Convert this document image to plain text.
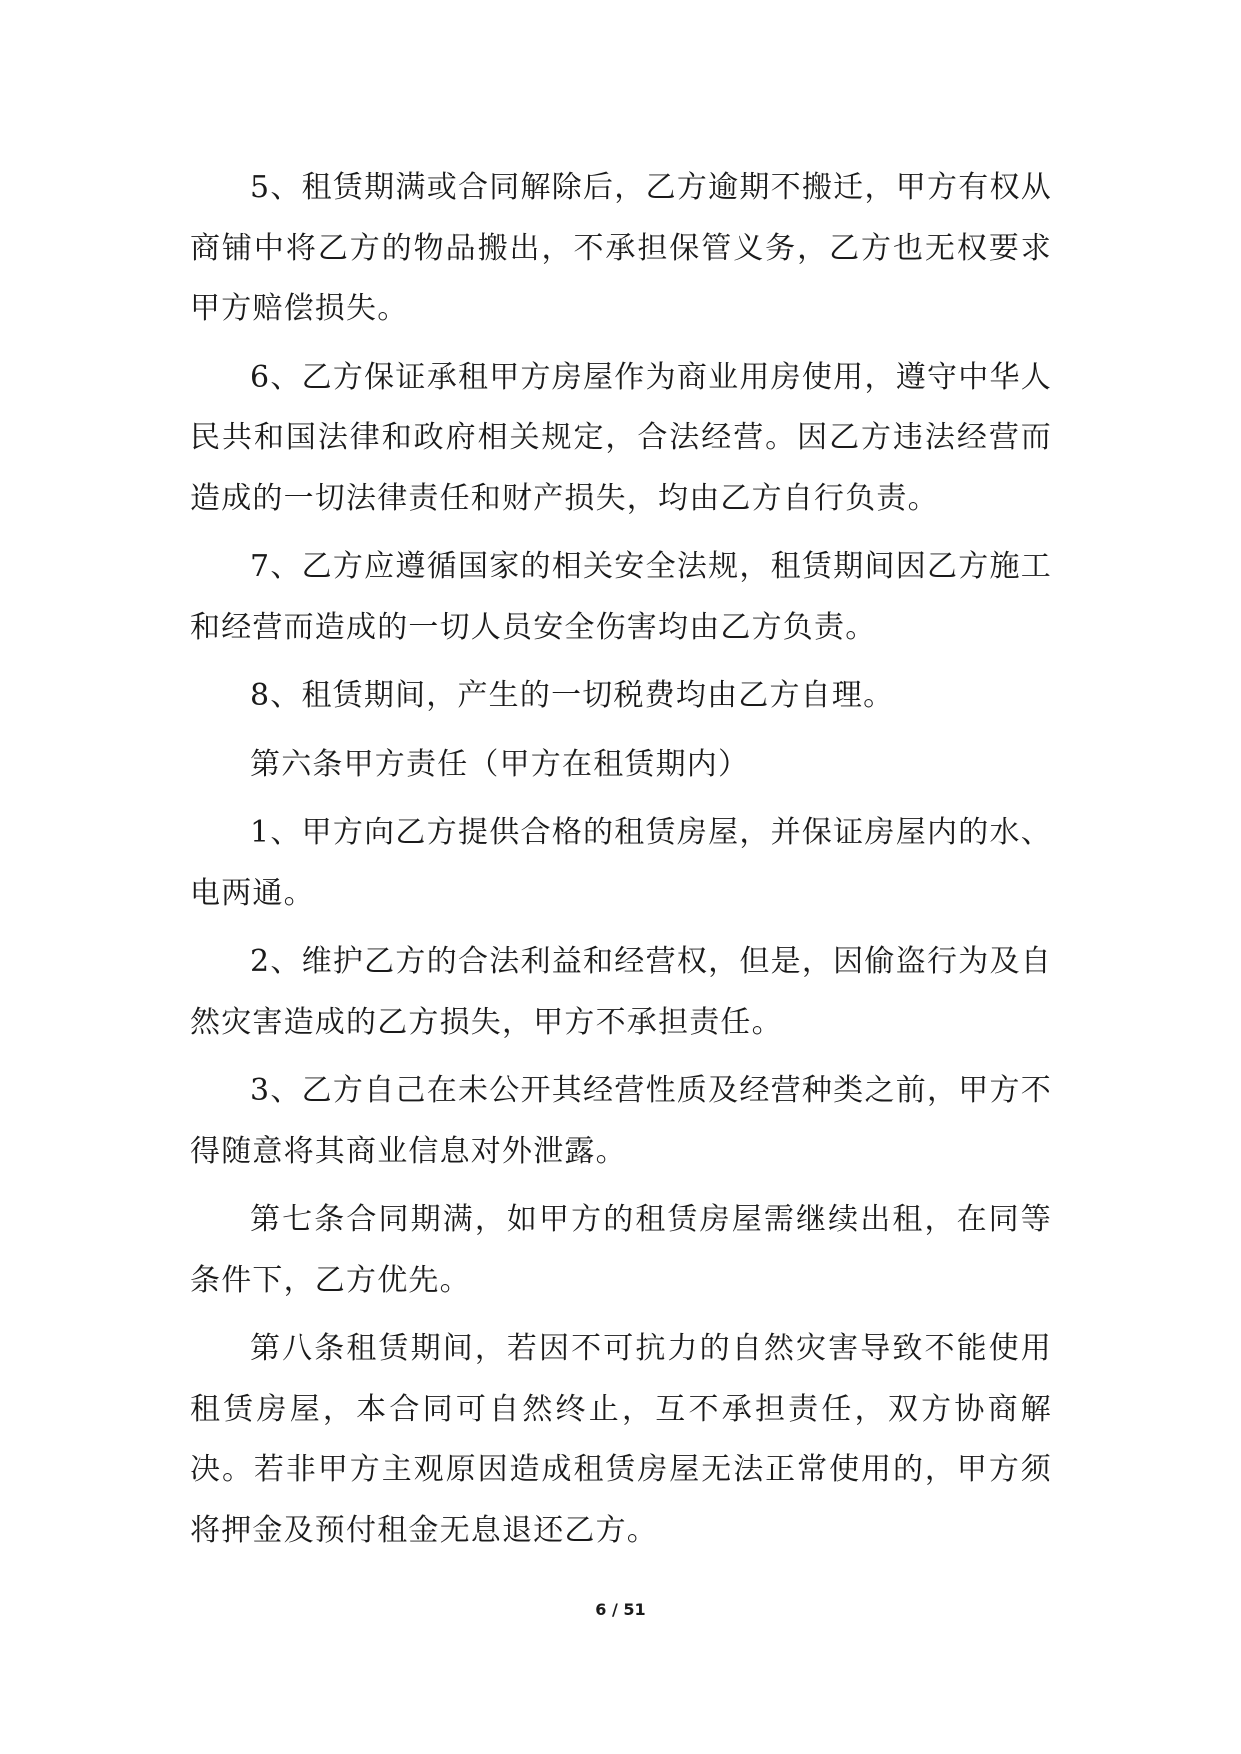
5、租赁期满或合同解除后，乙方逾期不搬迁，甲方有权从商铺中将乙方的物品搬出，不承担保管义务，乙方也无权要求甲方赔偿损失。

6、乙方保证承租甲方房屋作为商业用房使用，遵守中华人民共和国法律和政府相关规定，合法经营。因乙方违法经营而造成的一切法律责任和财产损失，均由乙方自行负责。

7、乙方应遵循国家的相关安全法规，租赁期间因乙方施工和经营而造成的一切人员安全伤害均由乙方负责。

8、租赁期间，产生的一切税费均由乙方自理。

第六条甲方责任（甲方在租赁期内）

1、甲方向乙方提供合格的租赁房屋，并保证房屋内的水、电两通。

2、维护乙方的合法利益和经营权，但是，因偷盗行为及自然灾害造成的乙方损失，甲方不承担责任。

3、乙方自己在未公开其经营性质及经营种类之前，甲方不得随意将其商业信息对外泄露。

第七条合同期满，如甲方的租赁房屋需继续出租，在同等条件下，乙方优先。

第八条租赁期间，若因不可抗力的自然灾害导致不能使用租赁房屋，本合同可自然终止，互不承担责任，双方协商解决。若非甲方主观原因造成租赁房屋无法正常使用的，甲方须将押金及预付租金无息退还乙方。

6 / 51
